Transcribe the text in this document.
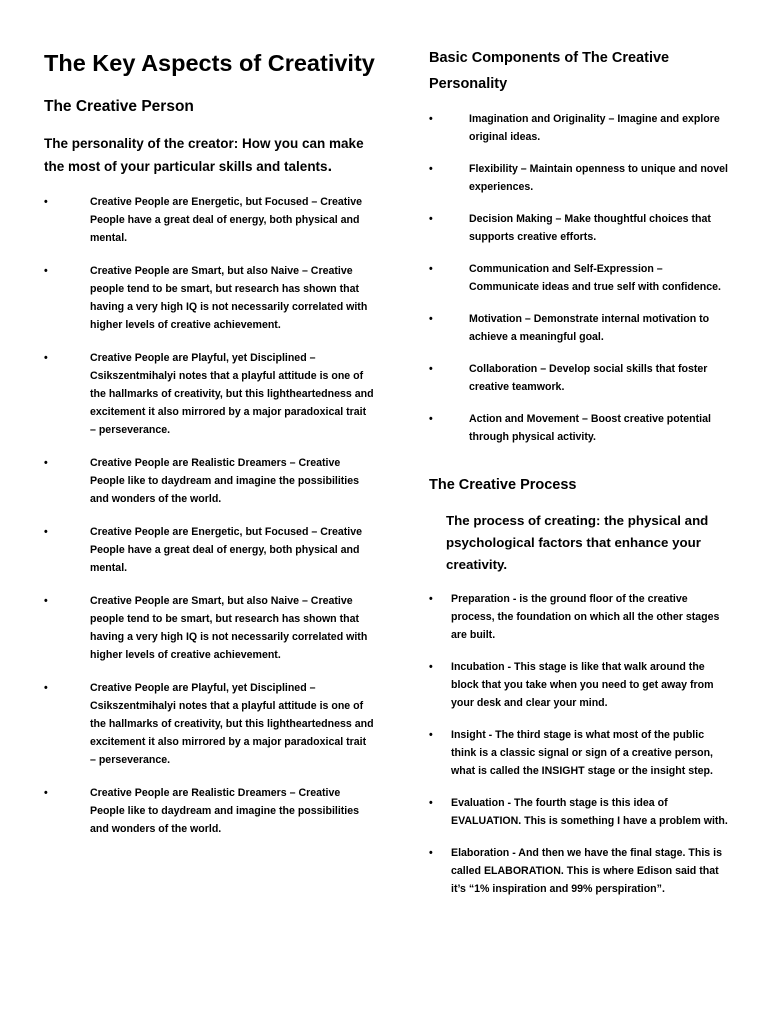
The Key Aspects of Creativity
The Creative Person

The personality of the creator: How you can make the most of your particular skills and talents.

•	Creative People are Energetic, but Focused – Creative People have a great deal of energy, both physical and mental.
•	Creative People are Smart, but also Naive – Creative people tend to be smart, but research has shown that having a very high IQ is not necessarily correlated with higher levels of creative achievement.
•	Creative People are Playful, yet Disciplined – Csikszentmihalyi notes that a playful attitude is one of the hallmarks of creativity, but this lightheartedness and excitement it also mirrored by a major paradoxical trait – perseverance.
•	Creative People are Realistic Dreamers – Creative People like to daydream and imagine the possibilities and wonders of the world.
•	Creative People are Energetic, but Focused – Creative People have a great deal of energy, both physical and mental.
•	Creative People are Smart, but also Naive – Creative people tend to be smart, but research has shown that having a very high IQ is not necessarily correlated with higher levels of creative achievement.
•	Creative People are Playful, yet Disciplined – Csikszentmihalyi notes that a playful attitude is one of the hallmarks of creativity, but this lightheartedness and excitement it also mirrored by a major paradoxical trait – perseverance.
•	Creative People are Realistic Dreamers – Creative People like to daydream and imagine the possibilities and wonders of the world.
Basic Components of The Creative Personality
•	Imagination and Originality – Imagine and explore original ideas.
•	Flexibility – Maintain openness to unique and novel experiences.
•	Decision Making – Make thoughtful choices that supports creative efforts.
•	Communication and Self-Expression – Communicate ideas and true self with confidence.
•	Motivation – Demonstrate internal motivation to achieve a meaningful goal.
•	Collaboration – Develop social skills that foster creative teamwork.
•	Action and Movement – Boost creative potential through physical activity.
The Creative Process

The process of creating: the physical and psychological factors that enhance your creativity.

• Preparation - is the ground floor of the creative process, the foundation on which all the other stages are built.
• Incubation - This stage is like that walk around the block that you take when you need to get away from your desk and clear your mind.
• Insight - The third stage is what most of the public think is a classic signal or sign of a creative person, what is called the INSIGHT stage or the insight step.
• Evaluation - The fourth stage is this idea of EVALUATION. This is something I have a problem with.
• Elaboration - And then we have the final stage. This is called ELABORATION. This is where Edison said that it’s “1% inspiration and 99% perspiration”.
